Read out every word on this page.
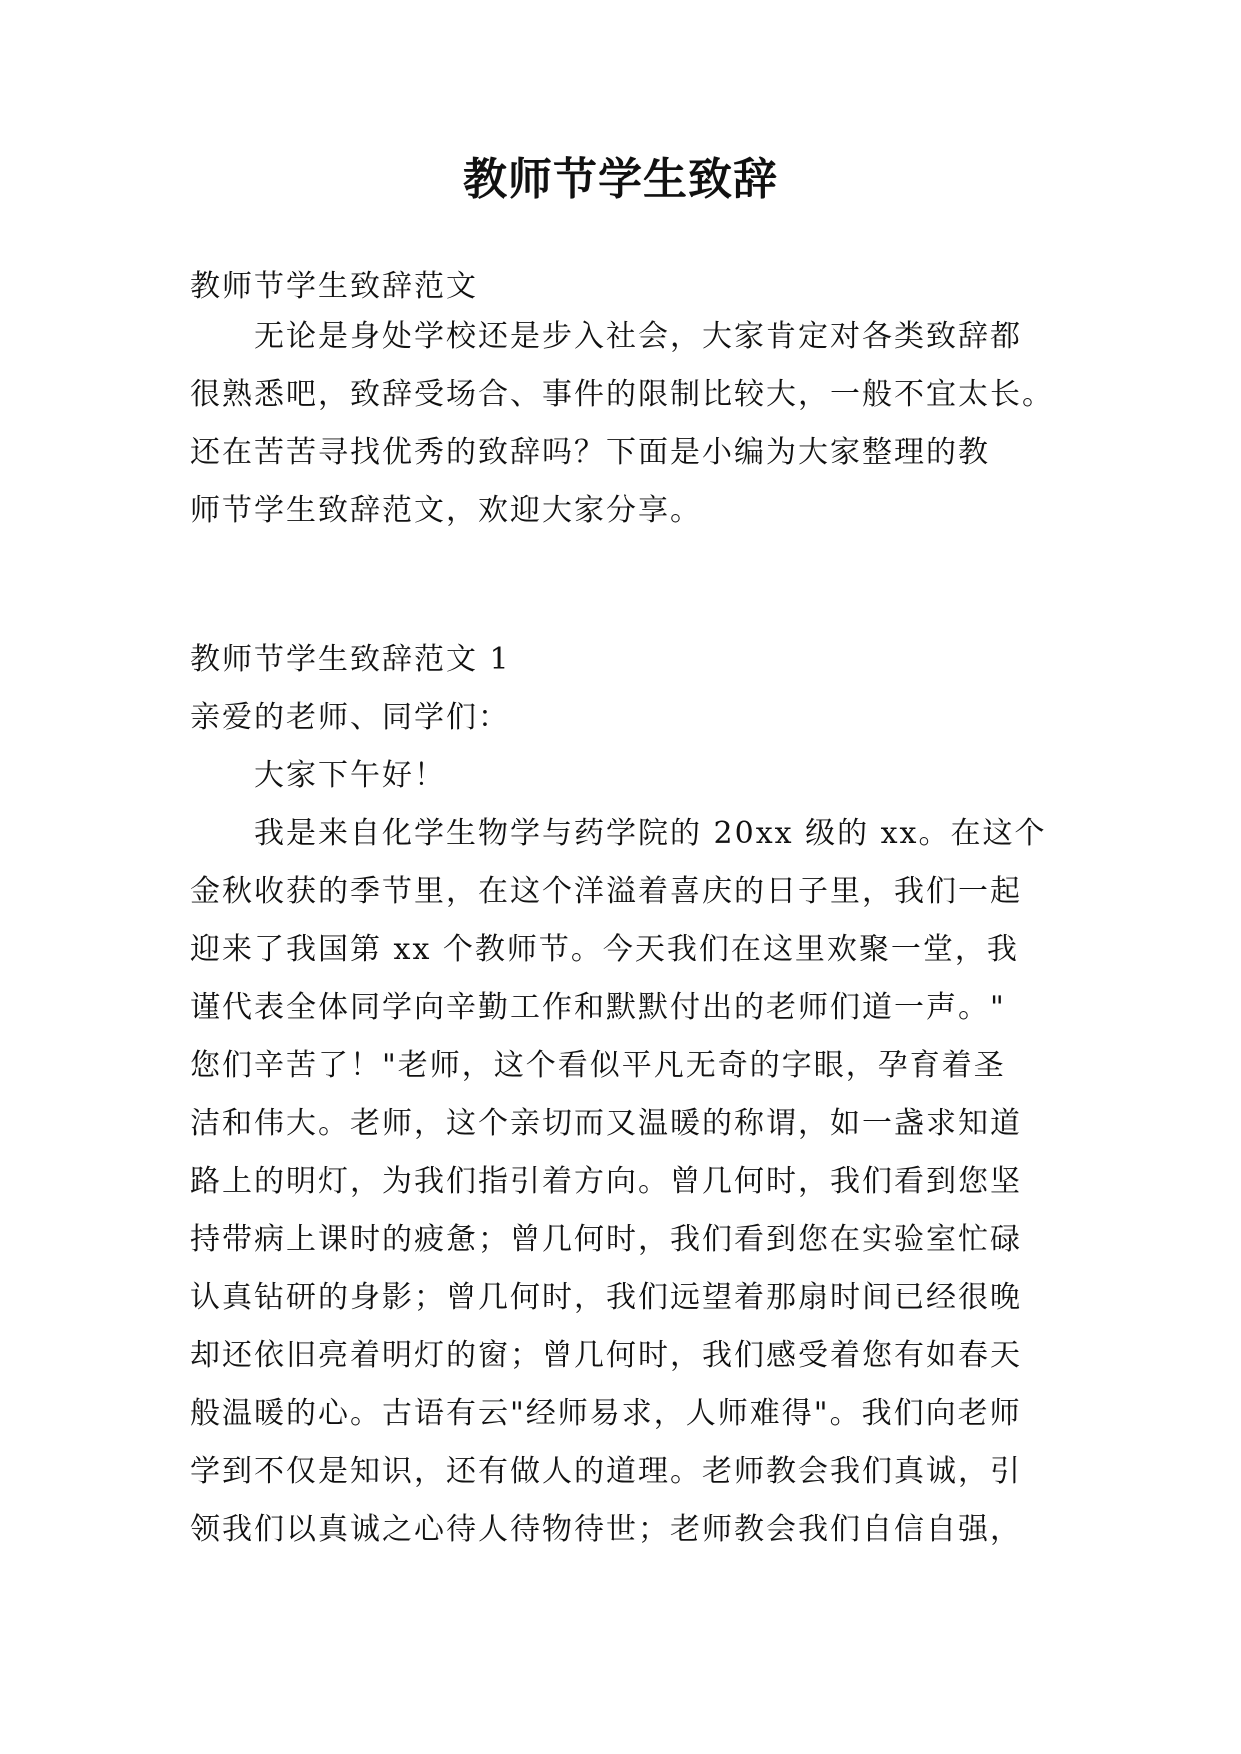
教师节学生致辞
教师节学生致辞范文
无论是身处学校还是步入社会，大家肯定对各类致辞都
很熟悉吧，致辞受场合、事件的限制比较大，一般不宜太长。
还在苦苦寻找优秀的致辞吗？下面是小编为大家整理的教
师节学生致辞范文，欢迎大家分享。
教师节学生致辞范文 1
亲爱的老师、同学们：
大家下午好！
我是来自化学生物学与药学院的 20xx 级的 xx。在这个
金秋收获的季节里，在这个洋溢着喜庆的日子里，我们一起
迎来了我国第 xx 个教师节。今天我们在这里欢聚一堂，我
谨代表全体同学向辛勤工作和默默付出的老师们道一声。"
您们辛苦了！"老师，这个看似平凡无奇的字眼，孕育着圣
洁和伟大。老师，这个亲切而又温暖的称谓，如一盏求知道
路上的明灯，为我们指引着方向。曾几何时，我们看到您坚
持带病上课时的疲惫；曾几何时，我们看到您在实验室忙碌
认真钻研的身影；曾几何时，我们远望着那扇时间已经很晚
却还依旧亮着明灯的窗；曾几何时，我们感受着您有如春天
般温暖的心。古语有云"经师易求，人师难得"。我们向老师
学到不仅是知识，还有做人的道理。老师教会我们真诚，引
领我们以真诚之心待人待物待世；老师教会我们自信自强，
